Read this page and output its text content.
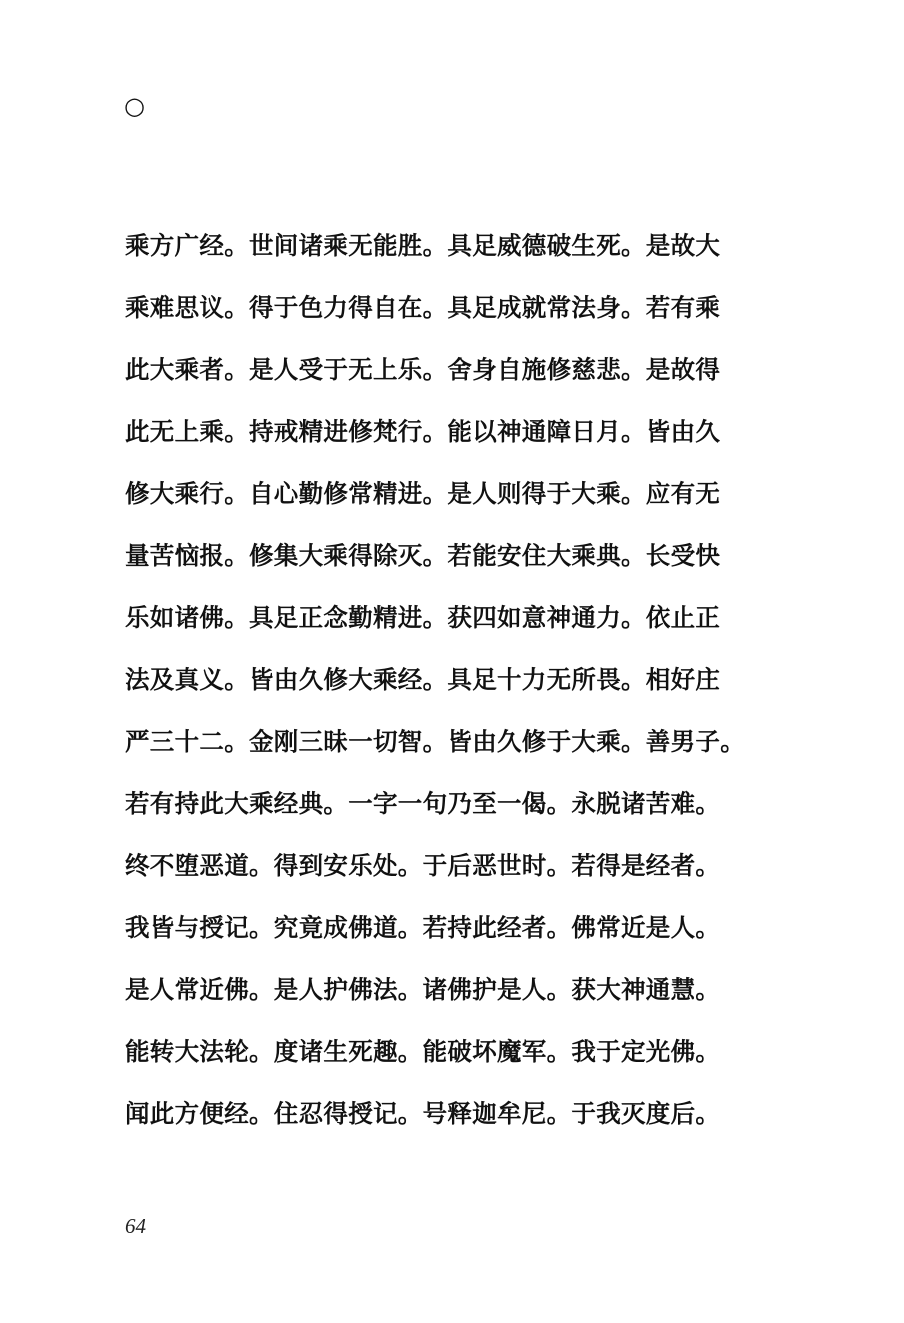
○
乘方广经。世间诸乘无能胜。具足威德破生死。是故大
乘难思议。得于色力得自在。具足成就常法身。若有乘
此大乘者。是人受于无上乐。舍身自施修慈悲。是故得
此无上乘。持戒精进修梵行。能以神通障日月。皆由久
修大乘行。自心勤修常精进。是人则得于大乘。应有无
量苦恼报。修集大乘得除灭。若能安住大乘典。长受快
乐如诸佛。具足正念勤精进。获四如意神通力。依止正
法及真义。皆由久修大乘经。具足十力无所畏。相好庄
严三十二。金刚三昧一切智。皆由久修于大乘。善男子。
若有持此大乘经典。一字一句乃至一偈。永脱诸苦难。
终不堕恶道。得到安乐处。于后恶世时。若得是经者。
我皆与授记。究竟成佛道。若持此经者。佛常近是人。
是人常近佛。是人护佛法。诸佛护是人。获大神通慧。
能转大法轮。度诸生死趣。能破坏魔军。我于定光佛。
闻此方便经。住忍得授记。号释迦牟尼。于我灭度后。
64
